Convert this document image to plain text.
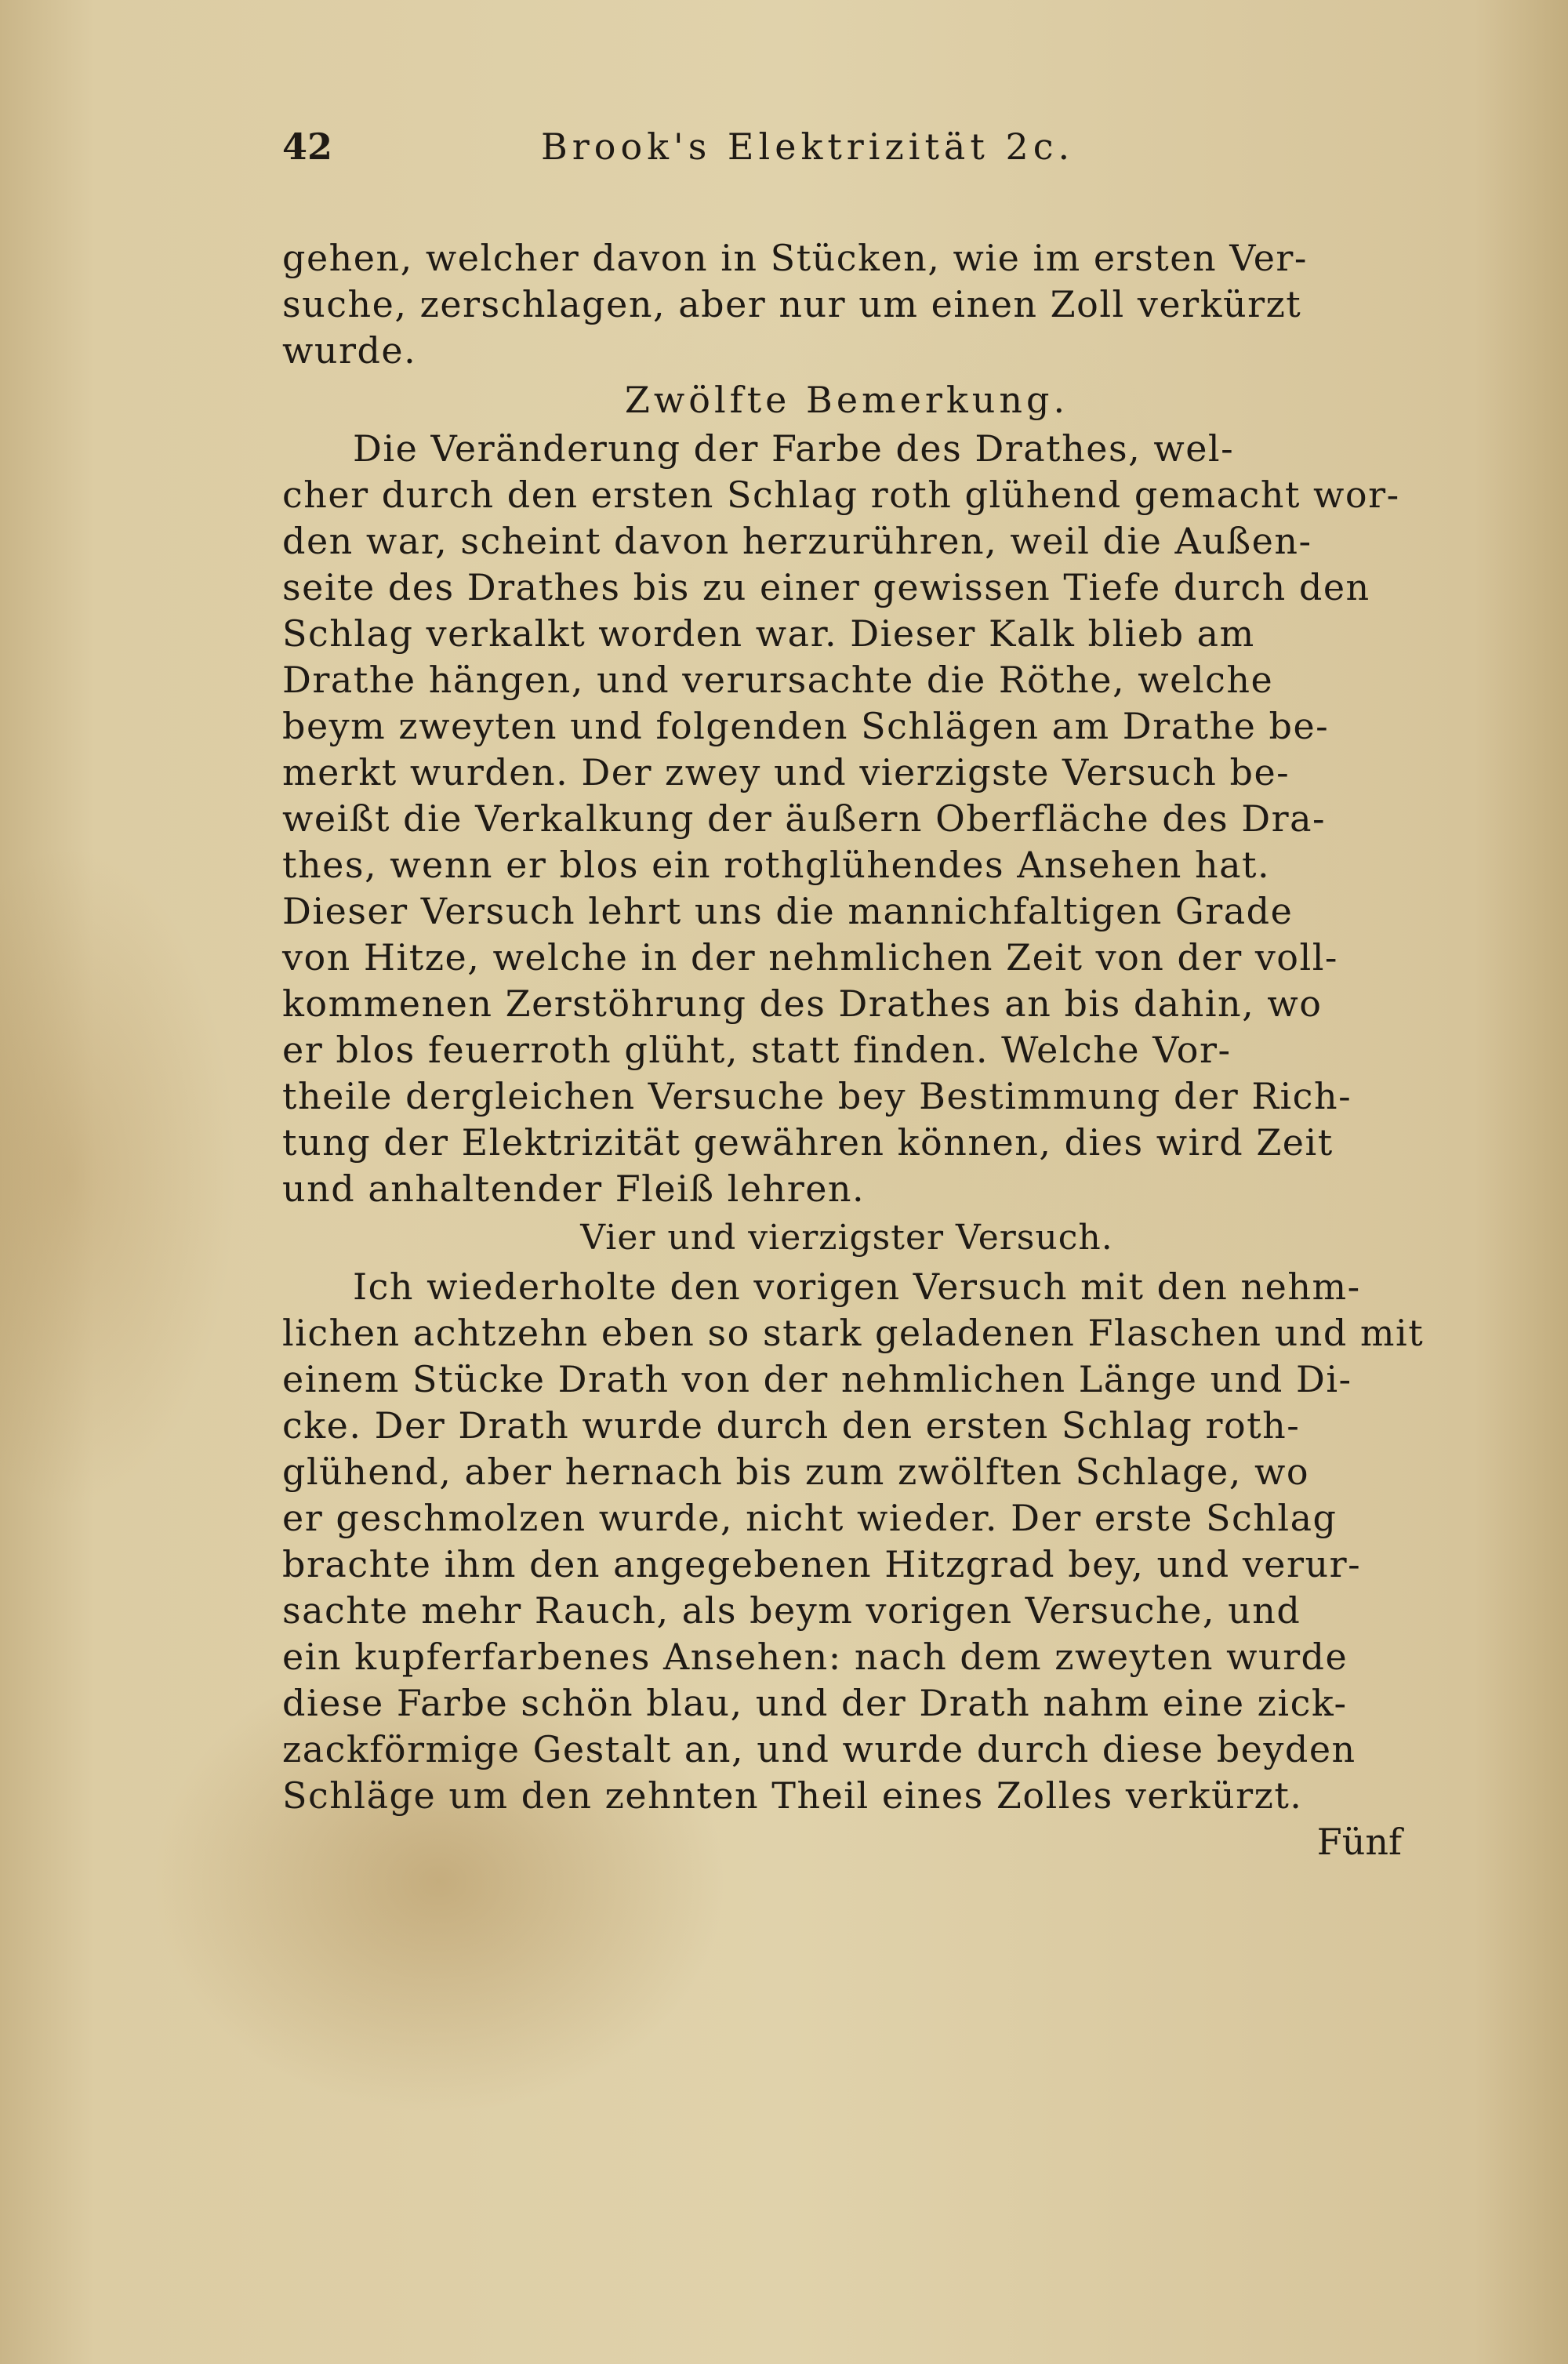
42	Brook's Elektrizität 2c.
gehen, welcher davon in Stücken, wie im ersten Ver-
suche, zerschlagen, aber nur um einen Zoll verkürzt
wurde.
Zwölfte Bemerkung.
Die Veränderung der Farbe des Drathes, wel-
cher durch den ersten Schlag roth glühend gemacht wor-
den war, scheint davon herzurühren, weil die Außen-
seite des Drathes bis zu einer gewissen Tiefe durch den
Schlag verkalkt worden war. Dieser Kalk blieb am
Drathe hängen, und verursachte die Röthe, welche
beym zweyten und folgenden Schlägen am Drathe be-
merkt wurden. Der zwey und vierzigste Versuch be-
weißt die Verkalkung der äußern Oberfläche des Dra-
thes, wenn er blos ein rothglühendes Ansehen hat.
Dieser Versuch lehrt uns die mannichfaltigen Grade
von Hitze, welche in der nehmlichen Zeit von der voll-
kommenen Zerstöhrung des Drathes an bis dahin, wo
er blos feuerroth glüht, statt finden. Welche Vor-
theile dergleichen Versuche bey Bestimmung der Rich-
tung der Elektrizität gewähren können, dies wird Zeit
und anhaltender Fleiß lehren.
Vier und vierzigster Versuch.
Ich wiederholte den vorigen Versuch mit den nehm-
lichen achtzehn eben so stark geladenen Flaschen und mit
einem Stücke Drath von der nehmlichen Länge und Di-
cke. Der Drath wurde durch den ersten Schlag roth-
glühend, aber hernach bis zum zwölften Schlage, wo
er geschmolzen wurde, nicht wieder. Der erste Schlag
brachte ihm den angegebenen Hitzgrad bey, und verur-
sachte mehr Rauch, als beym vorigen Versuche, und
ein kupferfarbenes Ansehen: nach dem zweyten wurde
diese Farbe schön blau, und der Drath nahm eine zick-
zackförmige Gestalt an, und wurde durch diese beyden
Schläge um den zehnten Theil eines Zolles verkürzt.
Fünf
